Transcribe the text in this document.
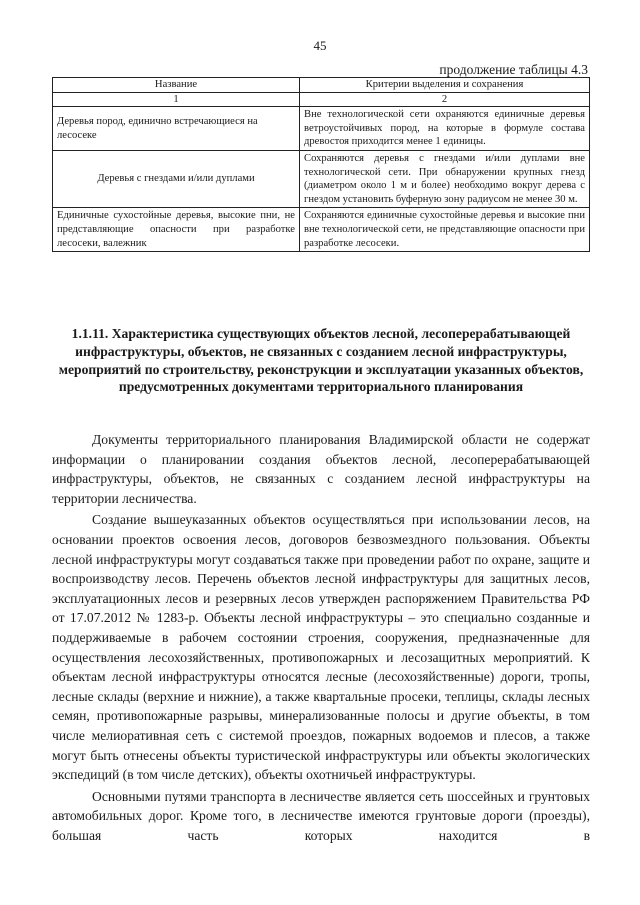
45
продолжение таблицы 4.3
Название	Критерии выделения и сохранения
1	2
Деревья пород, единично встречающиеся на лесосеке	Вне технологической сети охраняются единичные деревья ветроустойчивых пород, на которые в формуле состава древостоя приходится менее 1 единицы.
Деревья с гнездами и/или дуплами	Сохраняются деревья с гнездами и/или дуплами вне технологической сети. При обнаружении крупных гнезд (диаметром около 1 м и более) необходимо вокруг дерева с гнездом установить буферную зону радиусом не менее 30 м.
Единичные сухостойные деревья, высокие пни, не представляющие опасности при разработке лесосеки, валежник	Сохраняются единичные сухостойные деревья и высокие пни вне технологической сети, не представляющие опасности при разработке лесосеки.
1.1.11. Характеристика существующих объектов лесной, лесоперерабатывающей инфраструктуры, объектов, не связанных с созданием лесной инфраструктуры, мероприятий по строительству, реконструкции и эксплуатации указанных объектов, предусмотренных документами территориального планирования

Документы территориального планирования Владимирской области не содержат информации о планировании создания объектов лесной, лесоперерабатывающей инфраструктуры, объектов, не связанных с созданием лесной инфраструктуры на территории лесничества.

Создание вышеуказанных объектов осуществляться при использовании лесов, на основании проектов освоения лесов, договоров безвозмездного пользования. Объекты лесной инфраструктуры могут создаваться также при проведении работ по охране, защите и воспроизводству лесов. Перечень объектов лесной инфраструктуры для защитных лесов, эксплуатационных лесов и резервных лесов утвержден распоряжением Правительства РФ от 17.07.2012 № 1283-р. Объекты лесной инфраструктуры – это специально созданные и поддерживаемые в рабочем состоянии строения, сооружения, предназначенные для осуществления лесохозяйственных, противопожарных и лесозащитных мероприятий. К объектам лесной инфраструктуры относятся лесные (лесохозяйственные) дороги, тропы, лесные склады (верхние и нижние), а также квартальные просеки, теплицы, склады лесных семян, противопожарные разрывы, минерализованные полосы и другие объекты, в том числе мелиоративная сеть с системой проездов, пожарных водоемов и плесов, а также могут быть отнесены объекты туристической инфраструктуры или объекты экологических экспедиций (в том числе детских), объекты охотничьей инфраструктуры.

Основными путями транспорта в лесничестве является сеть шоссейных и грунтовых автомобильных дорог. Кроме того, в лесничестве имеются грунтовые дороги (проезды), большая часть которых находится в
